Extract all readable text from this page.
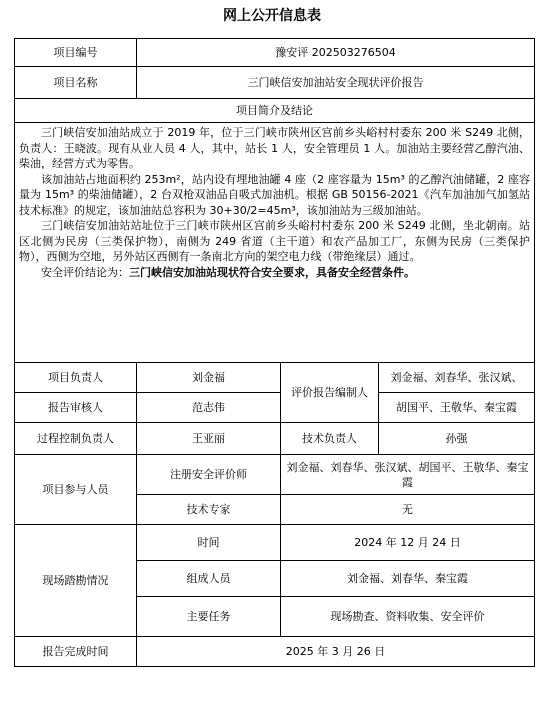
网上公开信息表
项目编号	豫安评 202503276504		
项目名称	三门峡信安加油站安全现状评价报告		
项目简介及结论			

三门峡信安加油站成立于 2019 年，位于三门峡市陕州区宫前乡头峪村村委东 200 米 S249 北侧，负责人：王晓波。现有从业人员 4 人，其中，站长 1 人，安全管理员 1 人。加油站主要经营乙醇汽油、柴油，经营方式为零售。

该加油站占地面积约 253m²，站内设有埋地油罐 4 座（2 座容量为 15m³ 的乙醇汽油储罐，2 座容量为 15m³ 的柴油储罐），2 台双枪双油品自吸式加油机。根据 GB 50156-2021《汽车加油加气加氢站技术标准》的规定，该加油站总容积为 30+30/2=45m³，该加油站为三级加油站。

三门峡信安加油站站址位于三门峡市陕州区宫前乡头峪村村委东 200 米 S249 北侧，坐北朝南。站区北侧为民房（三类保护物），南侧为 249 省道（主干道）和农产品加工厂，东侧为民房（三类保护物），西侧为空地，另外站区西侧有一条南北方向的架空电力线（带绝缘层）通过。

安全评价结论为：三门峡信安加油站现状符合安全要求，具备安全经营条件。			

项目负责人	刘金福	评价报告编制人	刘金福、刘春华、张汉斌、
报告审核人	范志伟		胡国平、王敬华、秦宝霞
过程控制负责人	王亚丽	技术负责人	孙强
项目参与人员	注册安全评价师	刘金福、刘春华、张汉斌、胡国平、王敬华、秦宝霞	
	技术专家	无	
现场踏勘情况	时间	2024 年 12 月 24 日	
	组成人员	刘金福、刘春华、秦宝霞	
	主要任务	现场勘查、资料收集、安全评价	
报告完成时间	2025 年 3 月 26 日		
